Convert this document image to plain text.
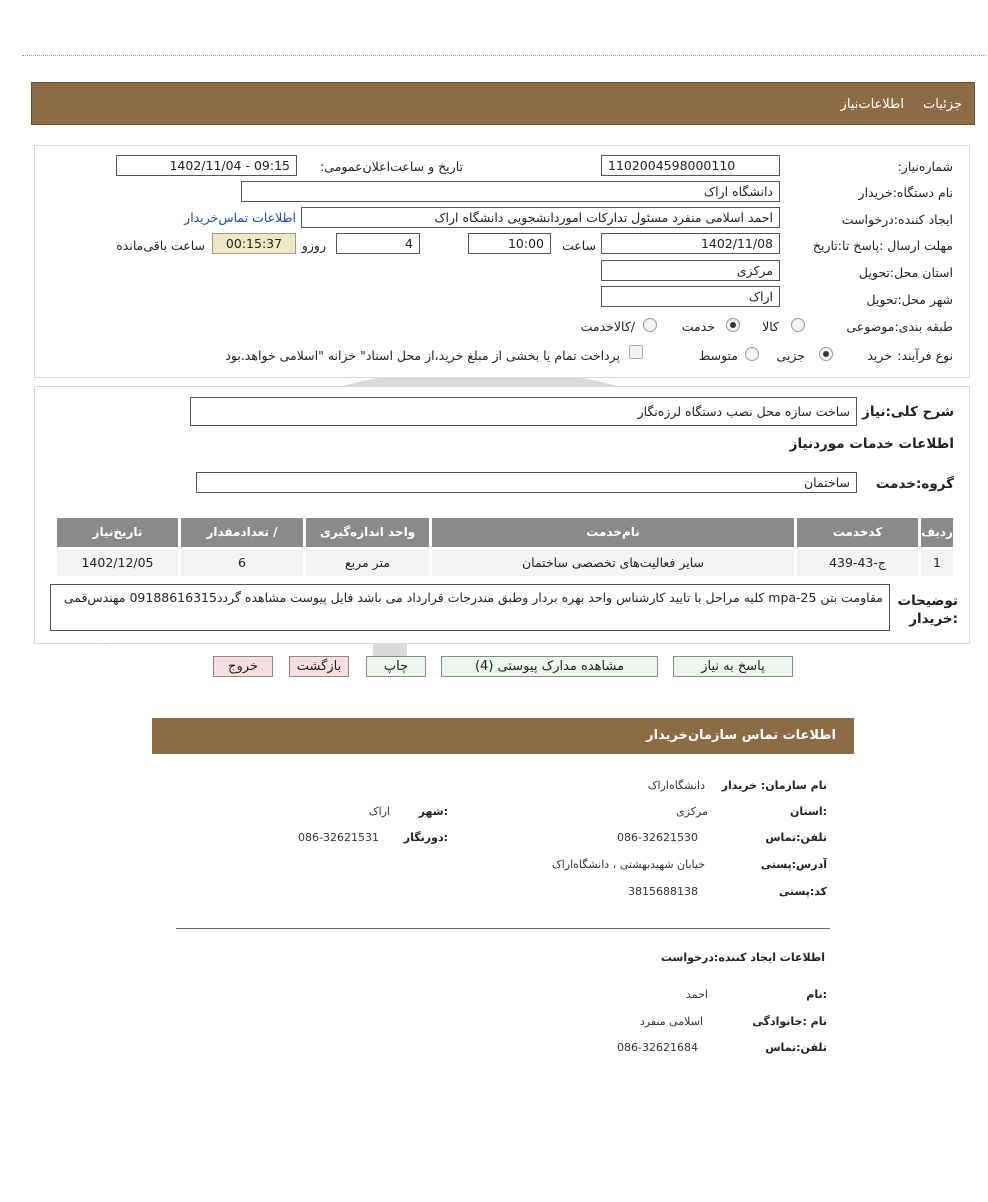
جزئیات
اطلاعات‌نیاز
شماره‌نیاز:
1102004598000110
تاریخ و ساعت‌اعلان‌عمومی:
1402/11/04 - 09:15
نام دستگاه:خریدار
دانشگاه اراک
ایجاد کننده:درخواست
احمد اسلامی منفرد مسئول تدارکات اموردانشجویی دانشگاه اراک
اطلاعات تماس‌خریدار
مهلت ارسال :پاسخ تا:تاریخ
1402/11/08
ساعت
10:00
4
روزو
00:15:37
ساعت باقی‌مانده
استان محل:تحویل
مرکزی
شهر محل:تحویل
اراک
طبقه بندی:موضوعی
کالا
خدمت
/کالاخدمت
نوع فرآیند:
خرید
جزیی
متوسط
پرداخت تمام یا بخشی از مبلغ خرید،از محل اسناد" خزانه "اسلامی خواهد.بود
شرح کلی:نیاز
ساخت سازه محل نصب دستگاه لرزه‌نگار
اطلاعات خدمات موردنیاز
گروه:خدمت
ساختمان
ردیف
کدخدمت
نام‌خدمت
واحد اندازه‌گیری
/ تعدادمقدار
تاریخ‌نیاز
1
ج-43-439
سایر فعالیت‌های تخصصی ساختمان
متر مربع
6
1402/12/05
توضیحات :خریدار
مقاومت بتن mpa-25 کلیه مراحل با تایید کارشناس واحد بهره بردار وطبق مندرجات قرارداد می باشد فایل پیوست مشاهده گردد09188616315 مهندس‌قمی
پاسخ به نیاز
مشاهده مدارک پیوستی (4)
چاپ
بازگشت
خروج
اطلاعات تماس سازمان‌خریدار
نام سازمان: خریدار
دانشگاه‌اراک
:استان
مرکزی
:شهر
اراک
تلفن:تماس
086-32621530
:دورنگار
086-32621531
آدرس:پستی
خیابان شهیدبهشتی ، دانشگاه‌اراک
کد:پستی
3815688138
اطلاعات ایجاد کننده:درخواست
:نام
احمد
نام :خانوادگی
اسلامی منفرد
تلفن:تماس
086-32621684
